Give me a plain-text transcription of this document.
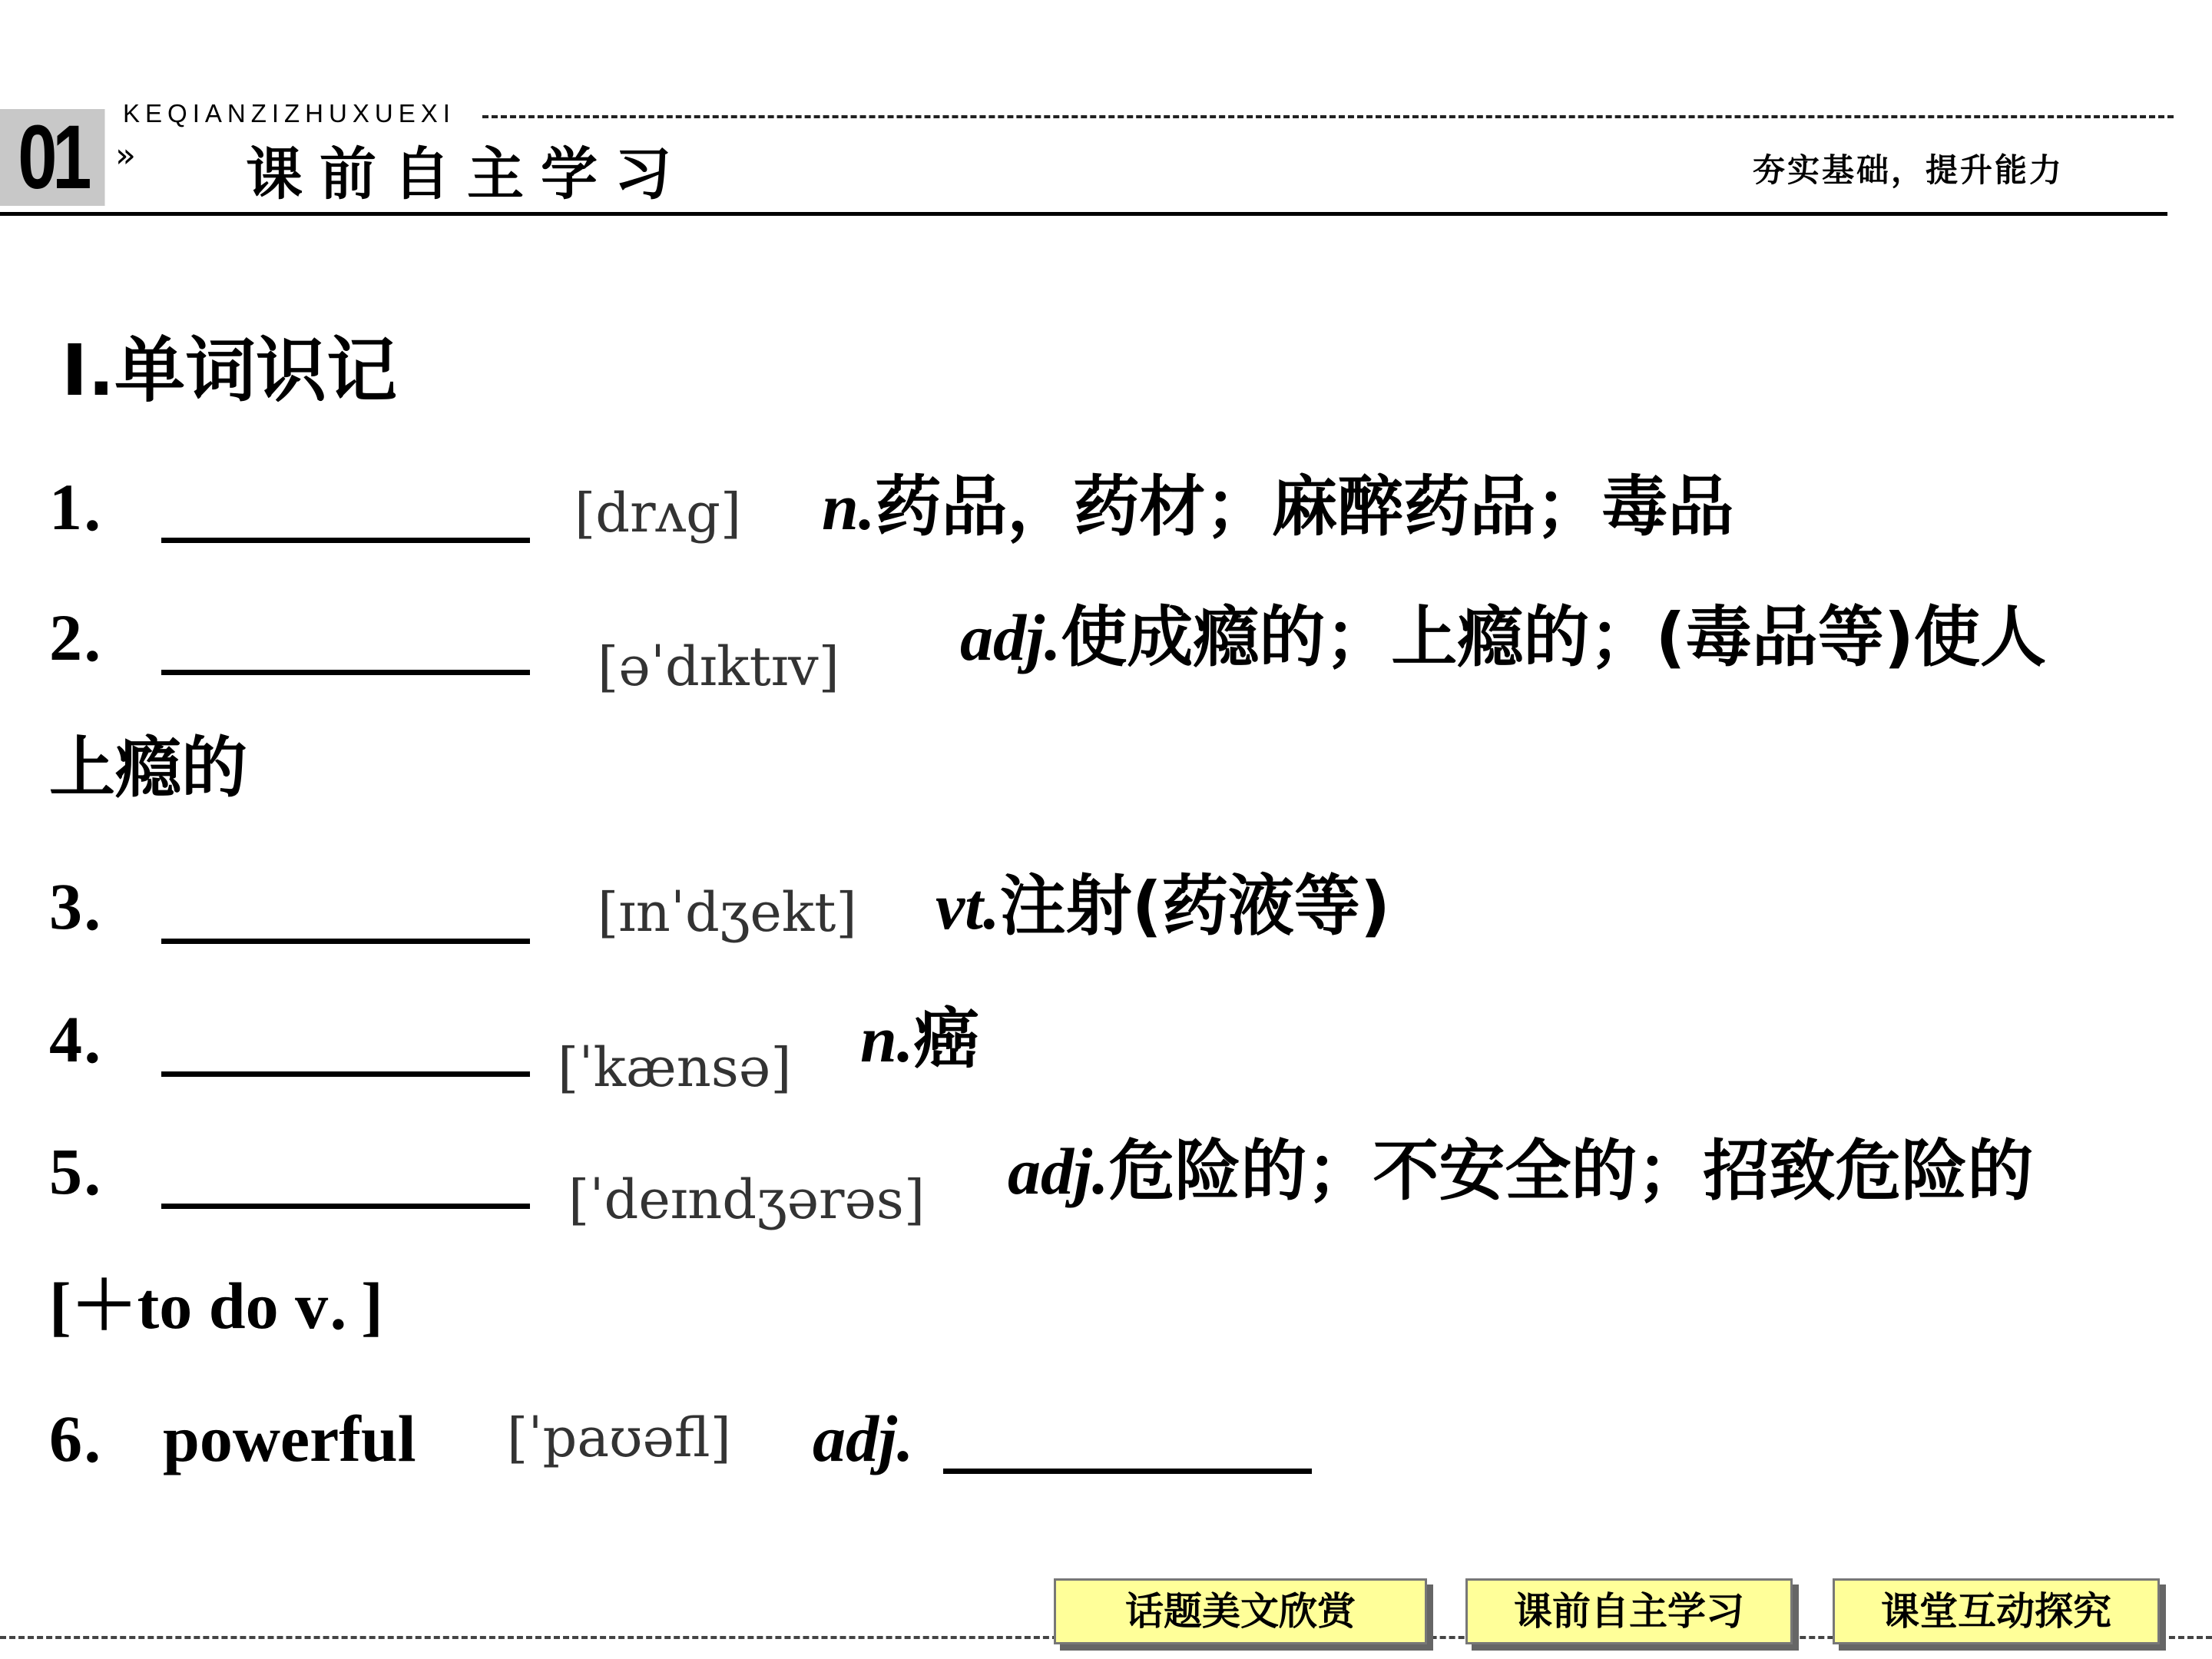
01	KEQIANZIZHUXUEXI
» 课前自主学习	夯实基础，提升能力
Ⅰ.单词识记
1．	[drʌg] n.药品，药材；麻醉药品；毒品
2．	[əˈdɪktɪv] adj.使成瘾的；上瘾的；(毒品等)使人
上瘾的
3．	[ɪnˈdʒekt] vt.注射(药液等)
4．	[ˈkænsə] n.癌
5．	[ˈdeɪndʒərəs] adj.危险的；不安全的；招致危险的
[＋to do v．]
6． powerful [ˈpaʊəfl] adj.
话题美文欣赏	课前自主学习	课堂互动探究
